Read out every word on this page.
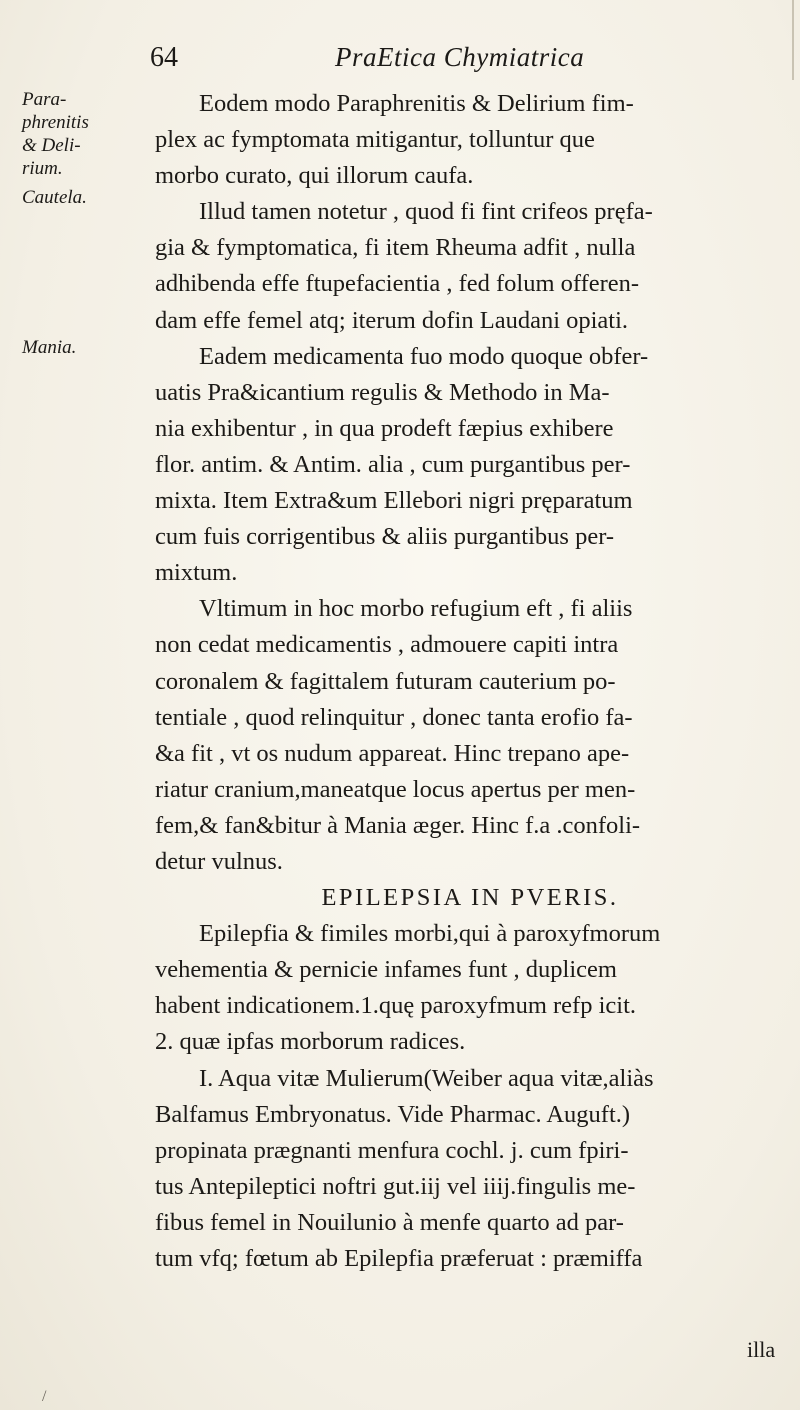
64	PraEtica Chymiatrica
Para-
phrenitis
& Deli-
rium.
Cautela.
Mania.
Eodem modo Paraphrenitis & Delirium fim-
plex ac fymptomata mitigantur, tolluntur que
morbo curato, qui illorum caufa.
Illud tamen notetur , quod fi fint crifeos pręfa-
gia & fymptomatica, fi item Rheuma adfit , nulla
adhibenda effe ftupefacientia , fed folum offeren-
dam effe femel atq; iterum dofin Laudani opiati.
Eadem medicamenta fuo modo quoque obfer-
uatis Pra&icantium regulis & Methodo in Ma-
nia exhibentur , in qua prodeft fæpius exhibere
flor. antim. & Antim. alia , cum purgantibus per-
mixta. Item Extra&um Ellebori nigri pręparatum
cum fuis corrigentibus & aliis purgantibus per-
mixtum.
Vltimum in hoc morbo refugium eft , fi aliis
non cedat medicamentis , admouere capiti intra
coronalem & fagittalem futuram cauterium po-
tentiale , quod relinquitur , donec tanta erofio fa-
&a fit , vt os nudum appareat. Hinc trepano ape-
riatur cranium,maneatque locus apertus per men-
fem,& fan&bitur à Mania æger. Hinc f.a .confoli-
detur vulnus.
EPILEPSIA IN PVERIS.
Epilepfia & fimiles morbi,qui à paroxyfmorum
vehementia & pernicie infames funt , duplicem
habent indicationem.1.quę paroxyfmum refp icit.
2. quæ ipfas morborum radices.
I. Aqua vitæ Mulierum(Weiber aqua vitæ,aliàs
Balfamus Embryonatus. Vide Pharmac. Auguft.)
propinata prægnanti menfura cochl. j. cum fpiri-
tus Antepileptici noftri gut.iij vel iiij.fingulis me-
fibus femel in Nouilunio à menfe quarto ad par-
tum vfq; fœtum ab Epilepfia præferuat : præmiffa
illa
/
